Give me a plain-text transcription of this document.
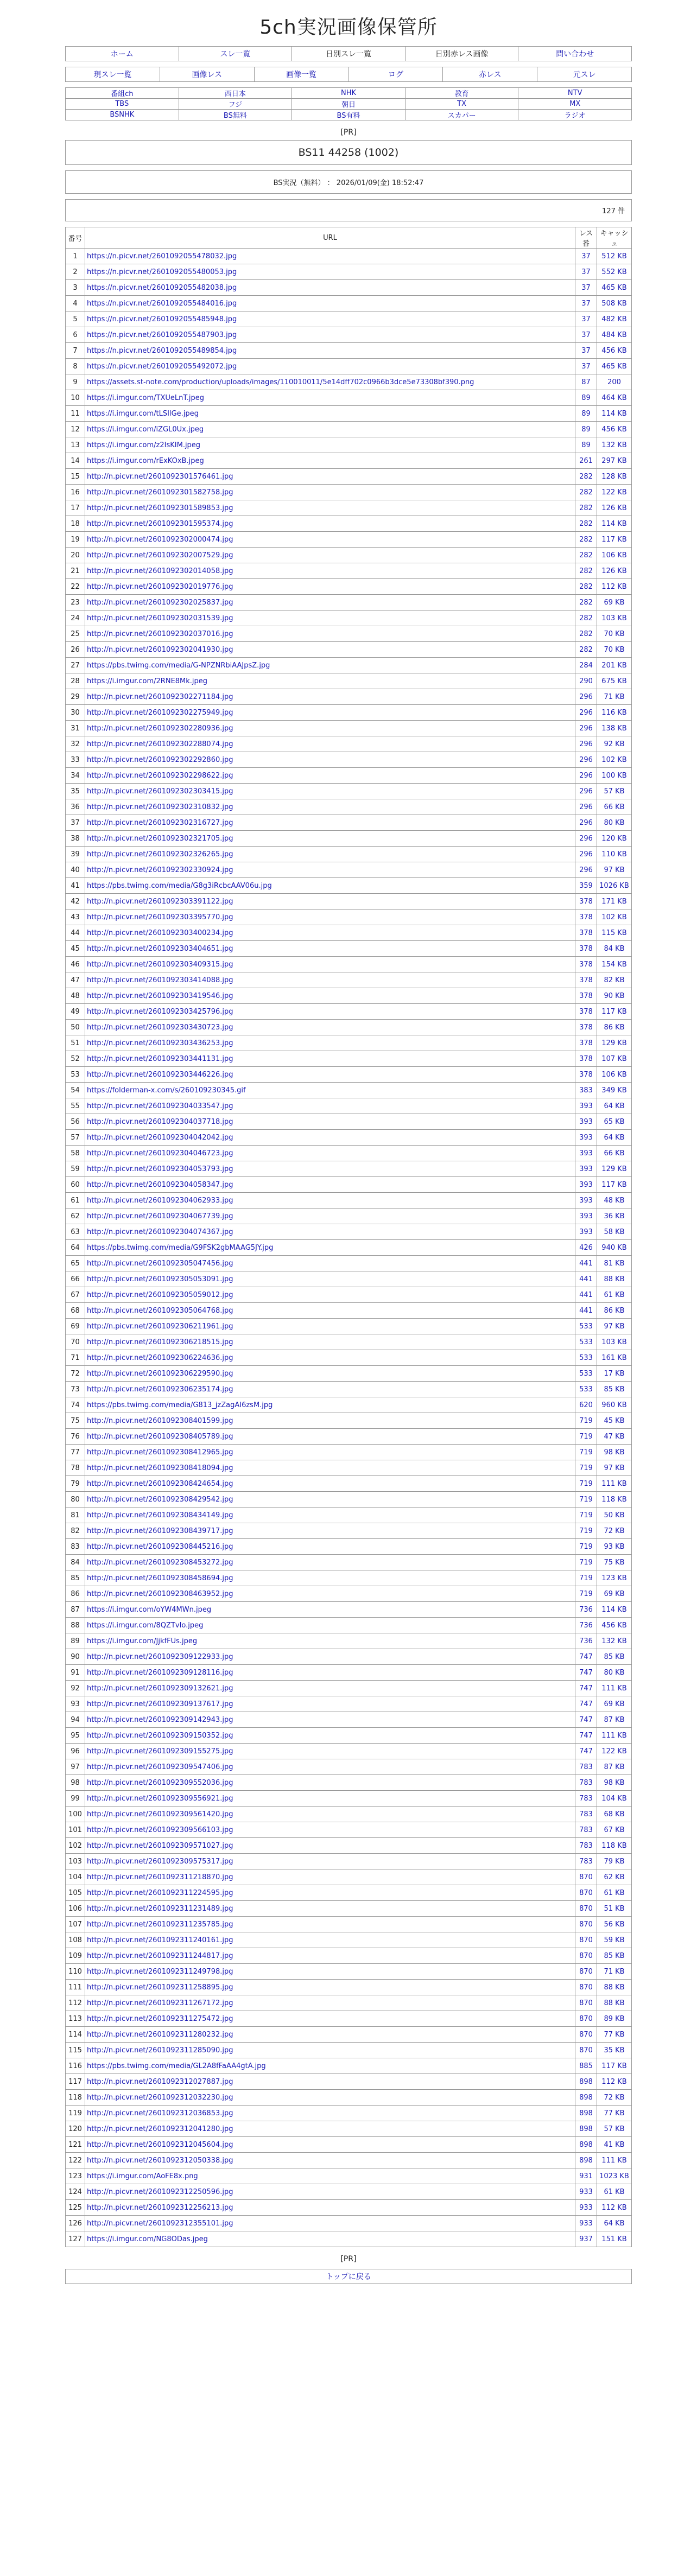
5ch実況画像保管所
ホーム	スレ一覧	日別スレ一覧	日別赤レス画像	問い合わせ
現スレ一覧	画像レス	画像一覧	ログ	赤レス	元スレ
番組ch	西日本	NHK	教育	NTV
TBS	フジ	朝日	TX	MX
BSNHK	BS無料	BS有料	スカパー	ラジオ
[PR]
BS11 44258 (1002)
BS実況（無料） ： 2026/01/09(金) 18:52:47
127 件
番号	URL	レス番	キャッシュ
1	https://n.picvr.net/2601092055478032.jpg	37	512 KB
2	https://n.picvr.net/2601092055480053.jpg	37	552 KB
3	https://n.picvr.net/2601092055482038.jpg	37	465 KB
4	https://n.picvr.net/2601092055484016.jpg	37	508 KB
5	https://n.picvr.net/2601092055485948.jpg	37	482 KB
6	https://n.picvr.net/2601092055487903.jpg	37	484 KB
7	https://n.picvr.net/2601092055489854.jpg	37	456 KB
8	https://n.picvr.net/2601092055492072.jpg	37	465 KB
9	https://assets.st-note.com/production/uploads/images/110010011/5e14dff702c0966b3dce5e73308bf390.png	87	200
10	https://i.imgur.com/TXUeLnT.jpeg	89	464 KB
11	https://i.imgur.com/tLSIlGe.jpeg	89	114 KB
12	https://i.imgur.com/iZGL0Ux.jpeg	89	456 KB
13	https://i.imgur.com/z2IsKIM.jpeg	89	132 KB
14	https://i.imgur.com/rExKOxB.jpeg	261	297 KB
15	http://n.picvr.net/2601092301576461.jpg	282	128 KB
16	http://n.picvr.net/2601092301582758.jpg	282	122 KB
17	http://n.picvr.net/2601092301589853.jpg	282	126 KB
18	http://n.picvr.net/2601092301595374.jpg	282	114 KB
19	http://n.picvr.net/2601092302000474.jpg	282	117 KB
20	http://n.picvr.net/2601092302007529.jpg	282	106 KB
21	http://n.picvr.net/2601092302014058.jpg	282	126 KB
22	http://n.picvr.net/2601092302019776.jpg	282	112 KB
23	http://n.picvr.net/2601092302025837.jpg	282	69 KB
24	http://n.picvr.net/2601092302031539.jpg	282	103 KB
25	http://n.picvr.net/2601092302037016.jpg	282	70 KB
26	http://n.picvr.net/2601092302041930.jpg	282	70 KB
27	https://pbs.twimg.com/media/G-NPZNRbiAAJpsZ.jpg	284	201 KB
28	https://i.imgur.com/2RNE8Mk.jpeg	290	675 KB
29	http://n.picvr.net/2601092302271184.jpg	296	71 KB
30	http://n.picvr.net/2601092302275949.jpg	296	116 KB
31	http://n.picvr.net/2601092302280936.jpg	296	138 KB
32	http://n.picvr.net/2601092302288074.jpg	296	92 KB
33	http://n.picvr.net/2601092302292860.jpg	296	102 KB
34	http://n.picvr.net/2601092302298622.jpg	296	100 KB
35	http://n.picvr.net/2601092302303415.jpg	296	57 KB
36	http://n.picvr.net/2601092302310832.jpg	296	66 KB
37	http://n.picvr.net/2601092302316727.jpg	296	80 KB
38	http://n.picvr.net/2601092302321705.jpg	296	120 KB
39	http://n.picvr.net/2601092302326265.jpg	296	110 KB
40	http://n.picvr.net/2601092302330924.jpg	296	97 KB
41	https://pbs.twimg.com/media/G8g3iRcbcAAV06u.jpg	359	1026 KB
42	http://n.picvr.net/2601092303391122.jpg	378	171 KB
43	http://n.picvr.net/2601092303395770.jpg	378	102 KB
44	http://n.picvr.net/2601092303400234.jpg	378	115 KB
45	http://n.picvr.net/2601092303404651.jpg	378	84 KB
46	http://n.picvr.net/2601092303409315.jpg	378	154 KB
47	http://n.picvr.net/2601092303414088.jpg	378	82 KB
48	http://n.picvr.net/2601092303419546.jpg	378	90 KB
49	http://n.picvr.net/2601092303425796.jpg	378	117 KB
50	http://n.picvr.net/2601092303430723.jpg	378	86 KB
51	http://n.picvr.net/2601092303436253.jpg	378	129 KB
52	http://n.picvr.net/2601092303441131.jpg	378	107 KB
53	http://n.picvr.net/2601092303446226.jpg	378	106 KB
54	https://folderman-x.com/s/260109230345.gif	383	349 KB
55	http://n.picvr.net/2601092304033547.jpg	393	64 KB
56	http://n.picvr.net/2601092304037718.jpg	393	65 KB
57	http://n.picvr.net/2601092304042042.jpg	393	64 KB
58	http://n.picvr.net/2601092304046723.jpg	393	66 KB
59	http://n.picvr.net/2601092304053793.jpg	393	129 KB
60	http://n.picvr.net/2601092304058347.jpg	393	117 KB
61	http://n.picvr.net/2601092304062933.jpg	393	48 KB
62	http://n.picvr.net/2601092304067739.jpg	393	36 KB
63	http://n.picvr.net/2601092304074367.jpg	393	58 KB
64	https://pbs.twimg.com/media/G9FSK2gbMAAG5JY.jpg	426	940 KB
65	http://n.picvr.net/2601092305047456.jpg	441	81 KB
66	http://n.picvr.net/2601092305053091.jpg	441	88 KB
67	http://n.picvr.net/2601092305059012.jpg	441	61 KB
68	http://n.picvr.net/2601092305064768.jpg	441	86 KB
69	http://n.picvr.net/2601092306211961.jpg	533	97 KB
70	http://n.picvr.net/2601092306218515.jpg	533	103 KB
71	http://n.picvr.net/2601092306224636.jpg	533	161 KB
72	http://n.picvr.net/2601092306229590.jpg	533	17 KB
73	http://n.picvr.net/2601092306235174.jpg	533	85 KB
74	https://pbs.twimg.com/media/G813_jzZagAI6zsM.jpg	620	960 KB
75	http://n.picvr.net/2601092308401599.jpg	719	45 KB
76	http://n.picvr.net/2601092308405789.jpg	719	47 KB
77	http://n.picvr.net/2601092308412965.jpg	719	98 KB
78	http://n.picvr.net/2601092308418094.jpg	719	97 KB
79	http://n.picvr.net/2601092308424654.jpg	719	111 KB
80	http://n.picvr.net/2601092308429542.jpg	719	118 KB
81	http://n.picvr.net/2601092308434149.jpg	719	50 KB
82	http://n.picvr.net/2601092308439717.jpg	719	72 KB
83	http://n.picvr.net/2601092308445216.jpg	719	93 KB
84	http://n.picvr.net/2601092308453272.jpg	719	75 KB
85	http://n.picvr.net/2601092308458694.jpg	719	123 KB
86	http://n.picvr.net/2601092308463952.jpg	719	69 KB
87	https://i.imgur.com/oYW4MWn.jpeg	736	114 KB
88	https://i.imgur.com/8QZTvIo.jpeg	736	456 KB
89	https://i.imgur.com/JjkfFUs.jpeg	736	132 KB
90	http://n.picvr.net/2601092309122933.jpg	747	85 KB
91	http://n.picvr.net/2601092309128116.jpg	747	80 KB
92	http://n.picvr.net/2601092309132621.jpg	747	111 KB
93	http://n.picvr.net/2601092309137617.jpg	747	69 KB
94	http://n.picvr.net/2601092309142943.jpg	747	87 KB
95	http://n.picvr.net/2601092309150352.jpg	747	111 KB
96	http://n.picvr.net/2601092309155275.jpg	747	122 KB
97	http://n.picvr.net/2601092309547406.jpg	783	87 KB
98	http://n.picvr.net/2601092309552036.jpg	783	98 KB
99	http://n.picvr.net/2601092309556921.jpg	783	104 KB
100	http://n.picvr.net/2601092309561420.jpg	783	68 KB
101	http://n.picvr.net/2601092309566103.jpg	783	67 KB
102	http://n.picvr.net/2601092309571027.jpg	783	118 KB
103	http://n.picvr.net/2601092309575317.jpg	783	79 KB
104	http://n.picvr.net/2601092311218870.jpg	870	62 KB
105	http://n.picvr.net/2601092311224595.jpg	870	61 KB
106	http://n.picvr.net/2601092311231489.jpg	870	51 KB
107	http://n.picvr.net/2601092311235785.jpg	870	56 KB
108	http://n.picvr.net/2601092311240161.jpg	870	59 KB
109	http://n.picvr.net/2601092311244817.jpg	870	85 KB
110	http://n.picvr.net/2601092311249798.jpg	870	71 KB
111	http://n.picvr.net/2601092311258895.jpg	870	88 KB
112	http://n.picvr.net/2601092311267172.jpg	870	88 KB
113	http://n.picvr.net/2601092311275472.jpg	870	89 KB
114	http://n.picvr.net/2601092311280232.jpg	870	77 KB
115	http://n.picvr.net/2601092311285090.jpg	870	35 KB
116	https://pbs.twimg.com/media/GL2A8fFaAA4gtA.jpg	885	117 KB
117	http://n.picvr.net/2601092312027887.jpg	898	112 KB
118	http://n.picvr.net/2601092312032230.jpg	898	72 KB
119	http://n.picvr.net/2601092312036853.jpg	898	77 KB
120	http://n.picvr.net/2601092312041280.jpg	898	57 KB
121	http://n.picvr.net/2601092312045604.jpg	898	41 KB
122	http://n.picvr.net/2601092312050338.jpg	898	111 KB
123	https://i.imgur.com/AoFE8x.png	931	1023 KB
124	http://n.picvr.net/2601092312250596.jpg	933	61 KB
125	http://n.picvr.net/2601092312256213.jpg	933	112 KB
126	http://n.picvr.net/2601092312355101.jpg	933	64 KB
127	https://i.imgur.com/NG8ODas.jpeg	937	151 KB
[PR]
トップに戻る
